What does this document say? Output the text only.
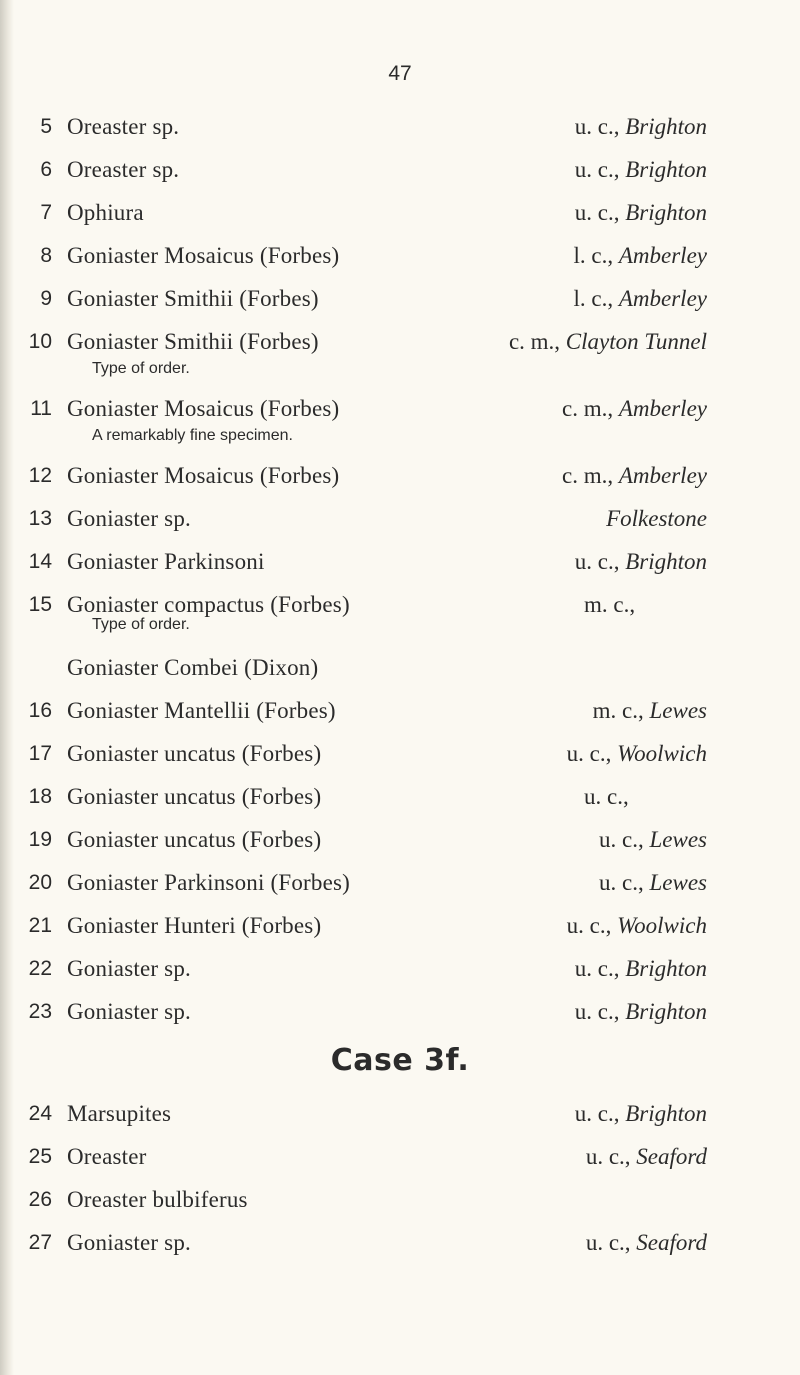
47
5 Oreaster sp.	u. c., Brighton
6 Oreaster sp.	u. c., Brighton
7 Ophiura	u. c., Brighton
8 Goniaster Mosaicus (Forbes)	l. c., Amberley
9 Goniaster Smithii (Forbes)	l. c., Amberley
10 Goniaster Smithii (Forbes)	c. m., Clayton Tunnel
Type of order.
11 Goniaster Mosaicus (Forbes)	c. m., Amberley
A remarkably fine specimen.
12 Goniaster Mosaicus (Forbes)	c. m., Amberley
13 Goniaster sp.	Folkestone
14 Goniaster Parkinsoni	u. c., Brighton
15 Goniaster compactus (Forbes)	m. c.,
Type of order.
Goniaster Combei (Dixon)
16 Goniaster Mantellii (Forbes)	m. c., Lewes
17 Goniaster uncatus (Forbes)	u. c., Woolwich
18 Goniaster uncatus (Forbes)	u. c.,
19 Goniaster uncatus (Forbes)	u. c., Lewes
20 Goniaster Parkinsoni (Forbes)	u. c., Lewes
21 Goniaster Hunteri (Forbes)	u. c., Woolwich
22 Goniaster sp.	u. c., Brighton
23 Goniaster sp.	u. c., Brighton
Case 3f.
24 Marsupites	u. c., Brighton
25 Oreaster	u. c., Seaford
26 Oreaster bulbiferus
27 Goniaster sp.	u. c., Seaford
